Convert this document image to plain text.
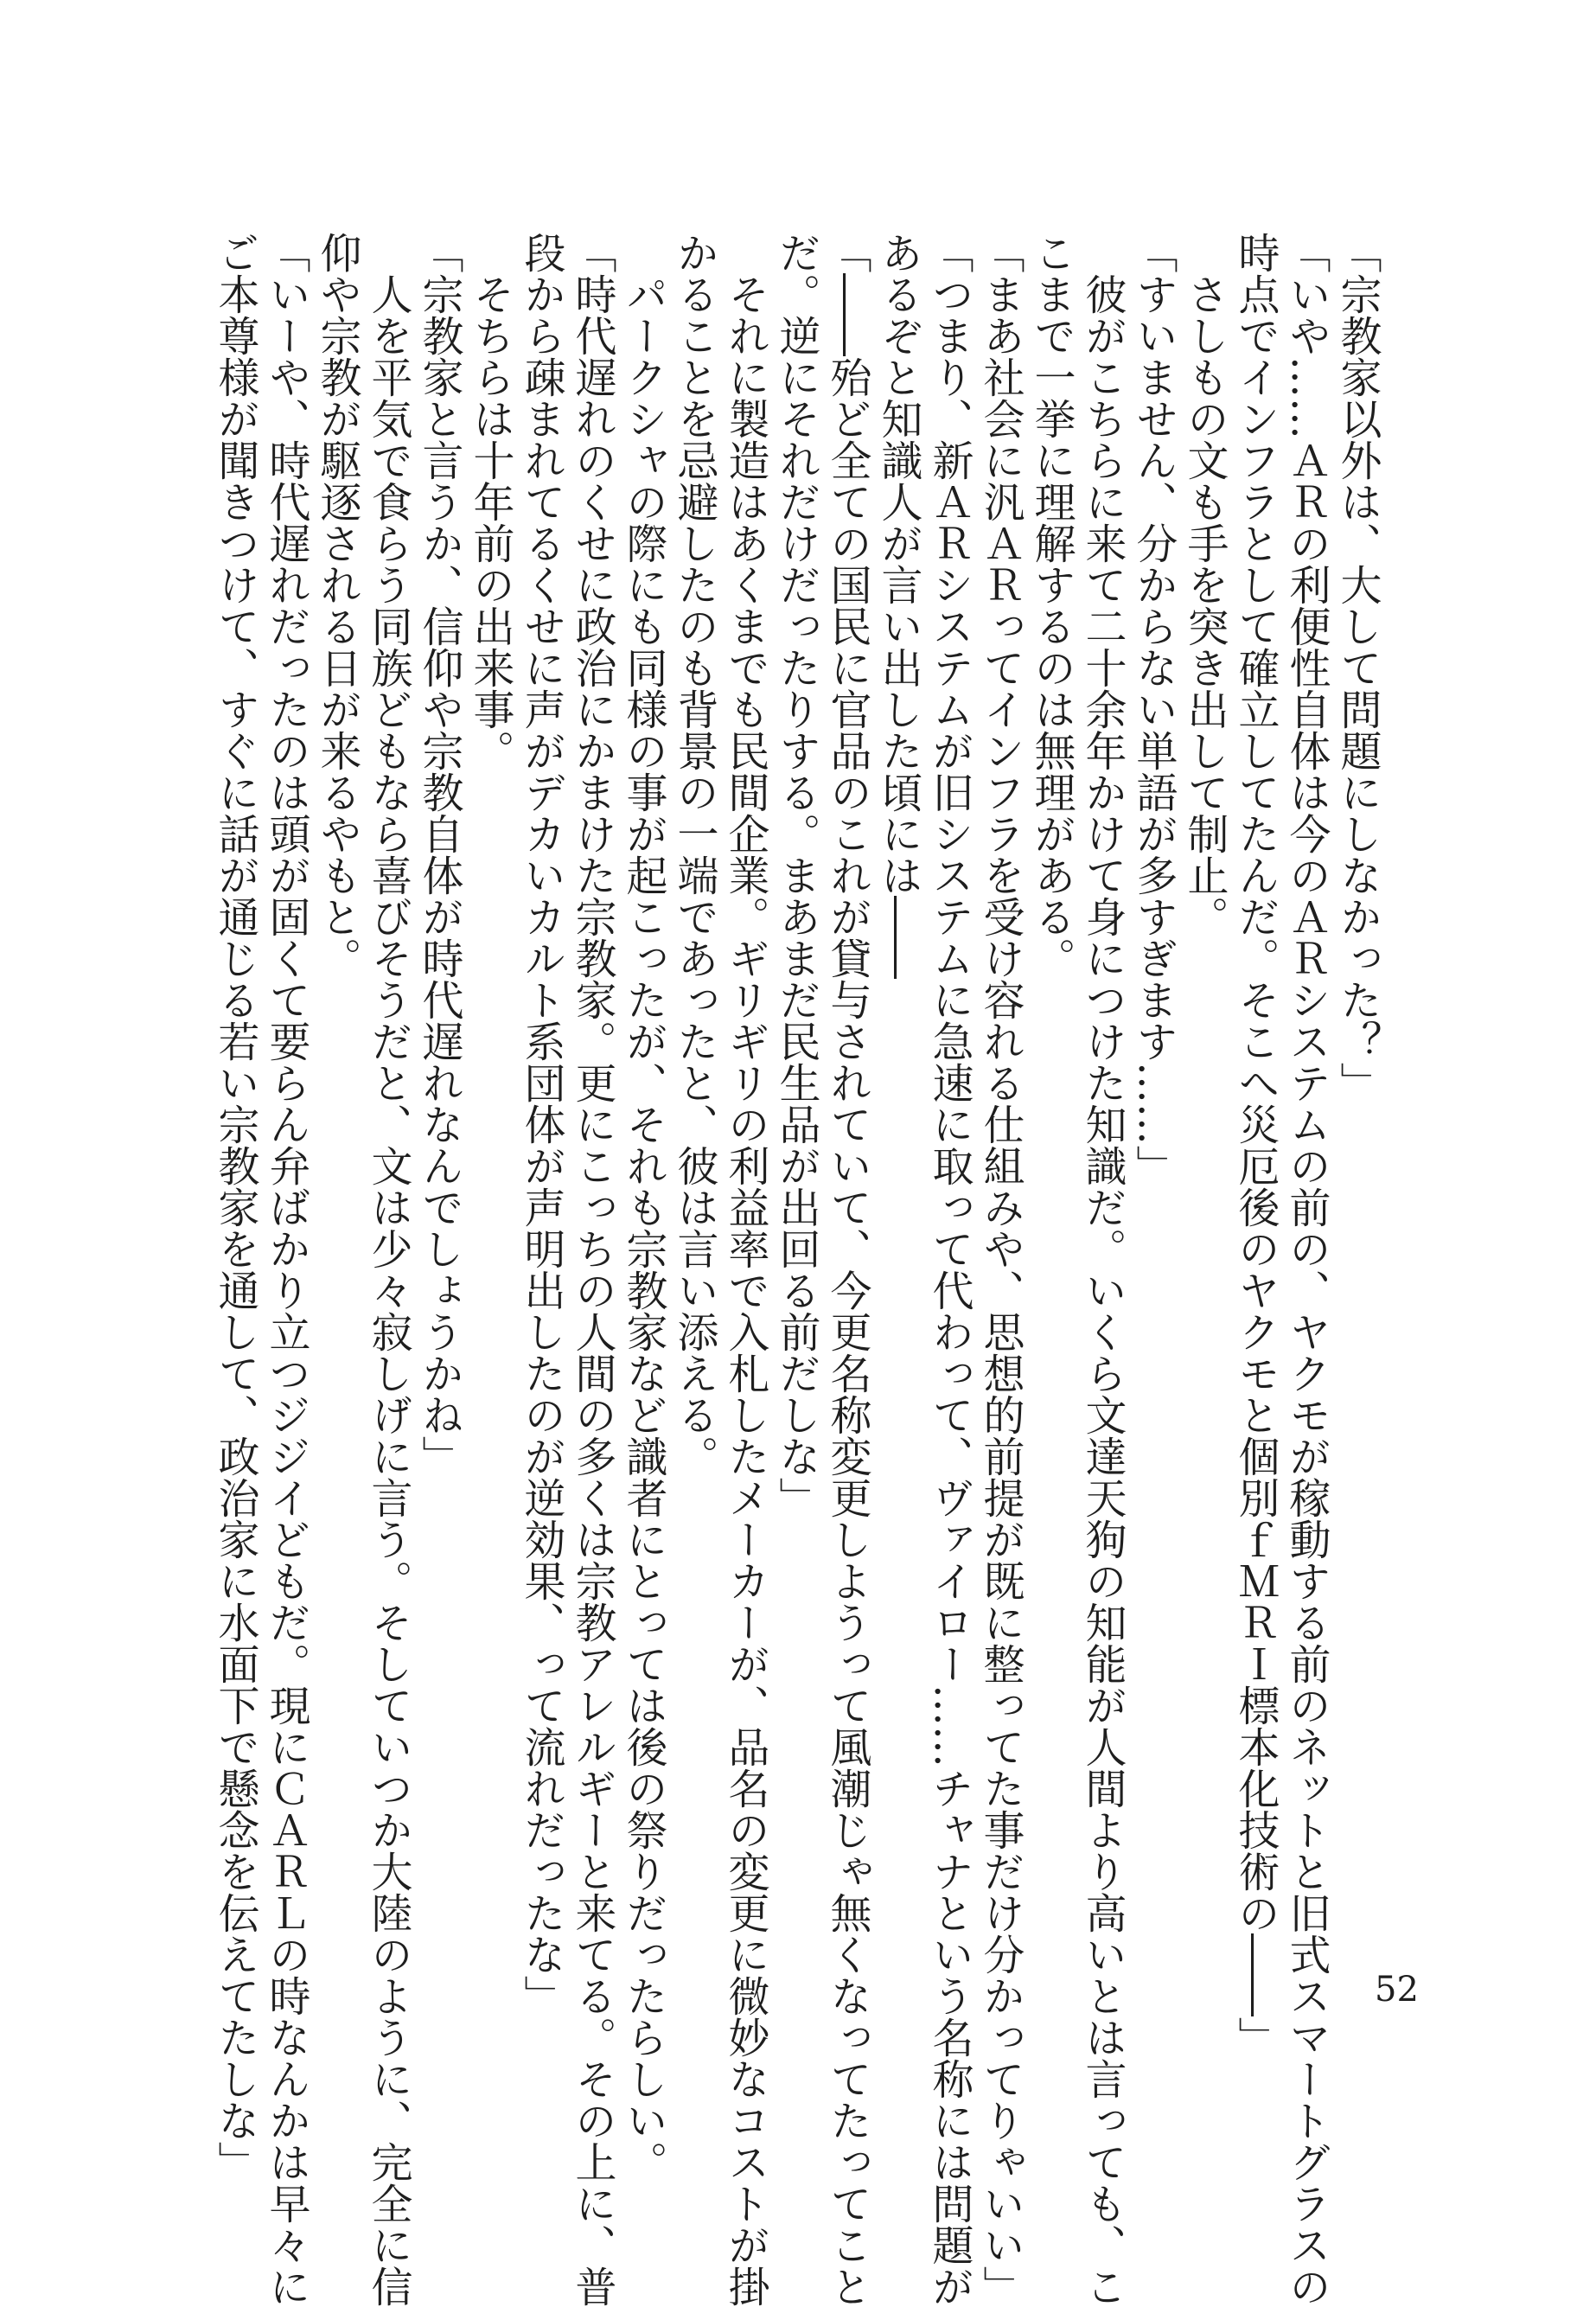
「宗教家以外は、大して問題にしなかった？」
「いや……ＡＲの利便性自体は今のＡＲシステムの前の、ヤクモが稼動する前のネットと旧式スマートグラスの
時点でインフラとして確立してたんだ。そこへ災厄後のヤクモと個別ｆＭＲＩ標本化技術の――」
　さしもの文も手を突き出して制止。
「すいません、分からない単語が多すぎます……」
　彼がこちらに来て二十余年かけて身につけた知識だ。いくら文達天狗の知能が人間より高いとは言っても、こ
こまで一挙に理解するのは無理がある。
「まあ社会に汎ＡＲってインフラを受け容れる仕組みや、思想的前提が既に整ってた事だけ分かってりゃいい」
「つまり、新ＡＲシステムが旧システムに急速に取って代わって、ヴァイロー……チャナという名称には問題が
あるぞと知識人が言い出した頃には――
「――殆ど全ての国民に官品のこれが貸与されていて、今更名称変更しようって風潮じゃ無くなってたってこと
だ。逆にそれだけだったりする。まあまだ民生品が出回る前だしな」
　それに製造はあくまでも民間企業。ギリギリの利益率で入札したメーカーが、品名の変更に微妙なコストが掛
かることを忌避したのも背景の一端であったと、彼は言い添える。
　パークシャの際にも同様の事が起こったが、それも宗教家など識者にとっては後の祭りだったらしい。
「時代遅れのくせに政治にかまけた宗教家。更にこっちの人間の多くは宗教アレルギーと来てる。その上に、普
段から疎まれてるくせに声がデカいカルト系団体が声明出したのが逆効果、って流れだったな」
　そちらは十年前の出来事。
「宗教家と言うか、信仰や宗教自体が時代遅れなんでしょうかね」
　人を平気で食らう同族どもなら喜びそうだと、文は少々寂しげに言う。そしていつか大陸のように、完全に信
仰や宗教が駆逐される日が来るやもと。
「いーや、時代遅れだったのは頭が固くて要らん弁ばかり立つジジイどもだ。現にＣＡＲＬの時なんかは早々に
ご本尊様が聞きつけて、すぐに話が通じる若い宗教家を通して、政治家に水面下で懸念を伝えてたしな」	52
